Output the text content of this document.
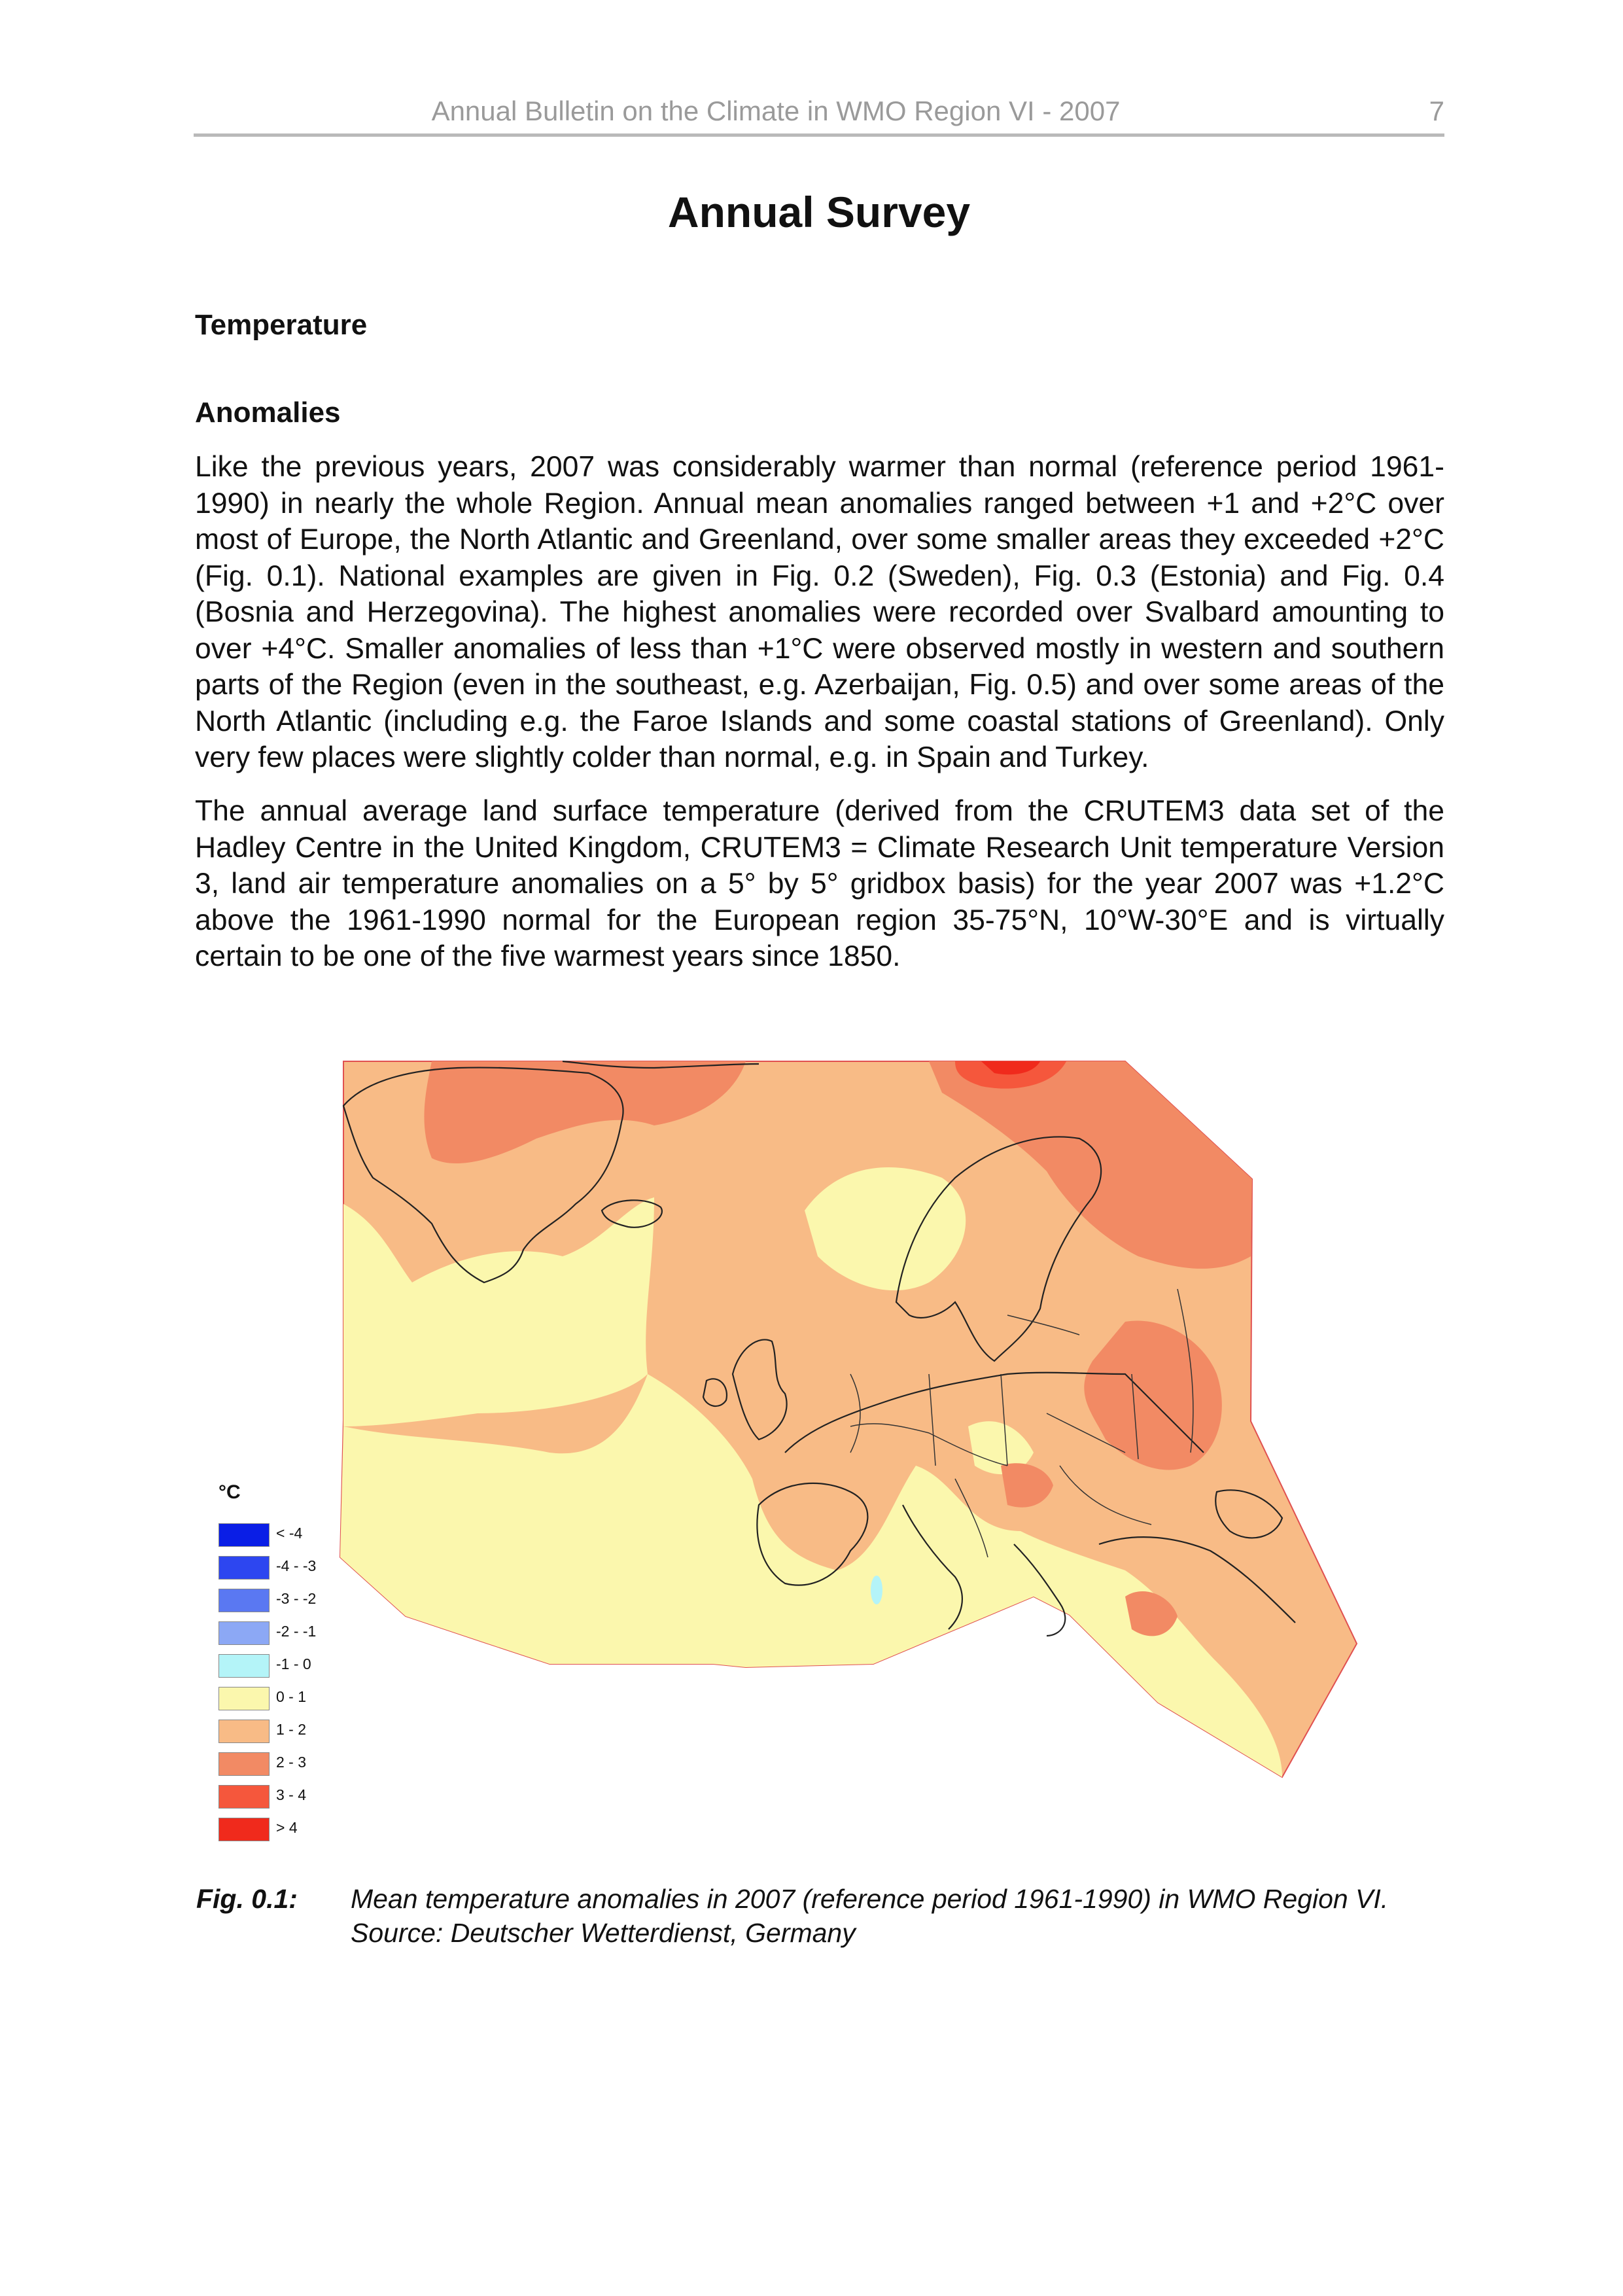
Annual Bulletin on the Climate in WMO Region VI - 2007	7
Annual Survey
Temperature
Anomalies

Like the previous years, 2007 was considerably warmer than normal (reference period 1961-1990) in nearly the whole Region. Annual mean anomalies ranged between +1 and +2°C over most of Europe, the North Atlantic and Greenland, over some smaller areas they exceeded +2°C (Fig. 0.1). National examples are given in Fig. 0.2 (Sweden), Fig. 0.3 (Estonia) and Fig. 0.4 (Bosnia and Herzegovina). The highest anomalies were recorded over Svalbard amounting to over +4°C. Smaller anomalies of less than +1°C were observed mostly in western and southern parts of the Region (even in the southeast, e.g. Azerbaijan, Fig. 0.5) and over some areas of the North Atlantic (including e.g. the Faroe Islands and some coastal stations of Greenland). Only very few places were slightly colder than normal, e.g. in Spain and Turkey.

The annual average land surface temperature (derived from the CRUTEM3 data set of the Hadley Centre in the United Kingdom, CRUTEM3 = Climate Research Unit temperature Version 3, land air temperature anomalies on a 5° by 5° gridbox basis) for the year 2007 was +1.2°C above the 1961-1990 normal for the European region 35-75°N, 10°W-30°E and is virtually certain to be one of the five warmest years since 1850.

°C
< -4
-4 - -3
-3 - -2
-2 - -1
-1 - 0
0 - 1
1 - 2
2 - 3
3 - 4
> 4
Fig. 0.1: Mean temperature anomalies in 2007 (reference period 1961-1990) in WMO Region VI.
Source: Deutscher Wetterdienst, Germany
